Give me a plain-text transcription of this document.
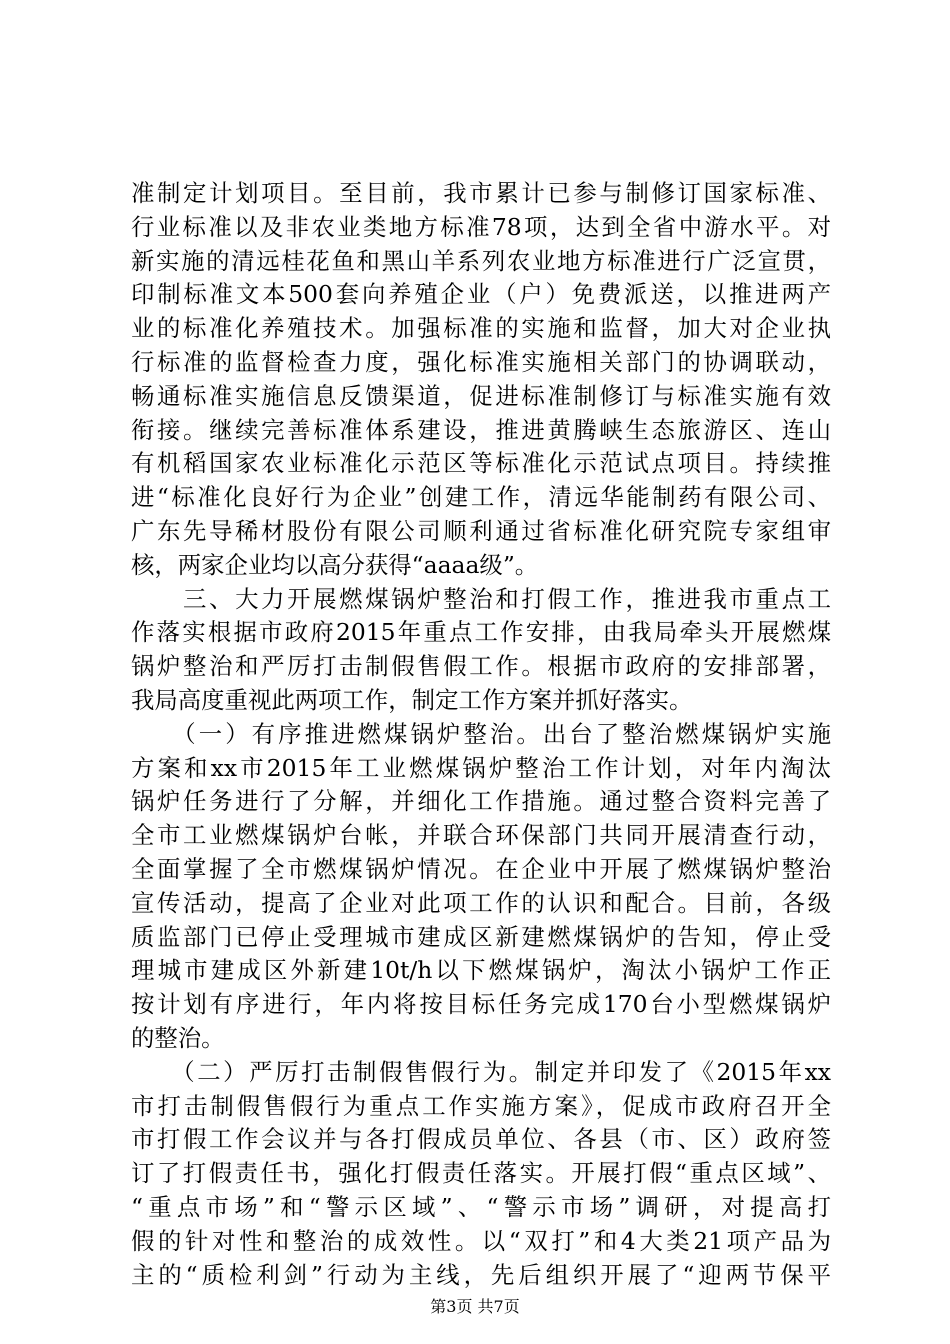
准制定计划项目。至目前，我市累计已参与制修订国家标准、
行业标准以及非农业类地方标准78项，达到全省中游水平。对
新实施的清远桂花鱼和黑山羊系列农业地方标准进行广泛宣贯，
印制标准文本500套向养殖企业（户）免费派送，以推进两产
业的标准化养殖技术。加强标准的实施和监督，加大对企业执
行标准的监督检查力度，强化标准实施相关部门的协调联动，
畅通标准实施信息反馈渠道，促进标准制修订与标准实施有效
衔接。继续完善标准体系建设，推进黄腾峡生态旅游区、连山
有机稻国家农业标准化示范区等标准化示范试点项目。持续推
进“标准化良好行为企业”创建工作，清远华能制药有限公司、
广东先导稀材股份有限公司顺利通过省标准化研究院专家组审
核，两家企业均以高分获得“aaaa级”。
　　三、大力开展燃煤锅炉整治和打假工作，推进我市重点工
作落实根据市政府2015年重点工作安排，由我局牵头开展燃煤
锅炉整治和严厉打击制假售假工作。根据市政府的安排部署，
我局高度重视此两项工作，制定工作方案并抓好落实。
　　（一）有序推进燃煤锅炉整治。出台了整治燃煤锅炉实施
方案和xx市2015年工业燃煤锅炉整治工作计划，对年内淘汰
锅炉任务进行了分解，并细化工作措施。通过整合资料完善了
全市工业燃煤锅炉台帐，并联合环保部门共同开展清查行动，
全面掌握了全市燃煤锅炉情况。在企业中开展了燃煤锅炉整治
宣传活动，提高了企业对此项工作的认识和配合。目前，各级
质监部门已停止受理城市建成区新建燃煤锅炉的告知，停止受
理城市建成区外新建10t/h以下燃煤锅炉，淘汰小锅炉工作正
按计划有序进行，年内将按目标任务完成170台小型燃煤锅炉
的整治。
　　（二）严厉打击制假售假行为。制定并印发了《2015年xx
市打击制假售假行为重点工作实施方案》，促成市政府召开全
市打假工作会议并与各打假成员单位、各县（市、区）政府签
订了打假责任书，强化打假责任落实。开展打假“重点区域”、
“重点市场”和“警示区域”、“警示市场”调研，对提高打
假的针对性和整治的成效性。以“双打”和4大类21项产品为
主的“质检利剑”行动为主线，先后组织开展了“迎两节保平
第3页 共7页
